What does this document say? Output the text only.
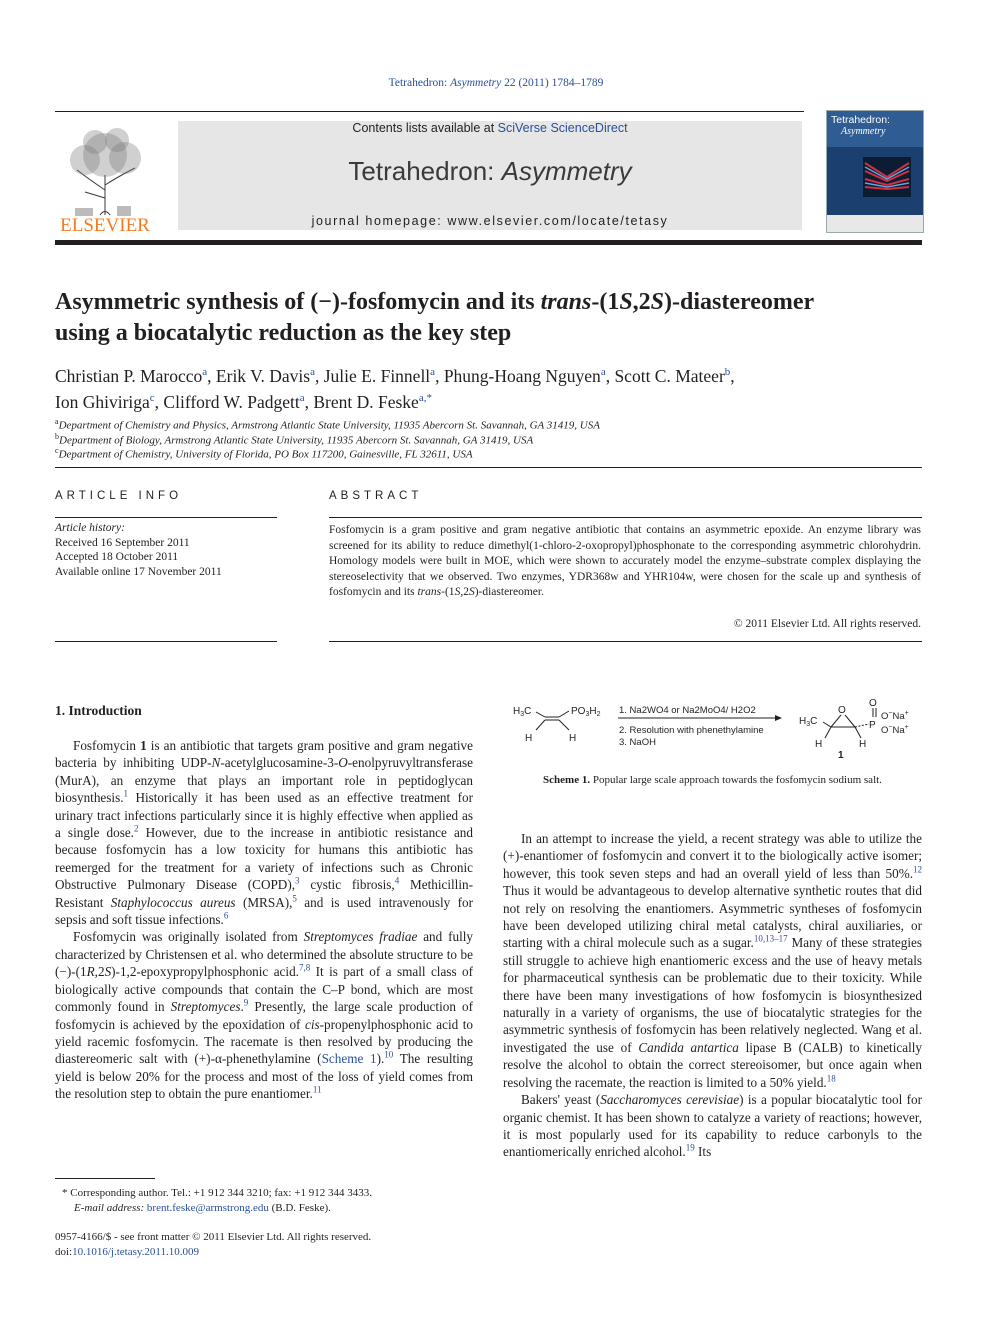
Tetrahedron: Asymmetry 22 (2011) 1784–1789
ELSEVIER
Contents lists available at SciVerse ScienceDirect
Tetrahedron: Asymmetry
journal homepage: www.elsevier.com/locate/tetasy
Tetrahedron:
Asymmetry
Asymmetric synthesis of (−)-fosfomycin and its trans-(1S,2S)-diastereomer
using a biocatalytic reduction as the key step
Christian P. Marocco$^a$, Erik V. Davis$^a$, Julie E. Finnell$^a$, Phung-Hoang Nguyen$^a$, Scott C. Mateer$^b$,
Ion Ghiviriga$^c$, Clifford W. Padgett$^a$, Brent D. Feske$^{a,*}$
$^a$Department of Chemistry and Physics, Armstrong Atlantic State University, 11935 Abercorn St. Savannah, GA 31419, USA
$^b$Department of Biology, Armstrong Atlantic State University, 11935 Abercorn St. Savannah, GA 31419, USA
$^c$Department of Chemistry, University of Florida, PO Box 117200, Gainesville, FL 32611, USA
ARTICLE INFO
Article history:
Received 16 September 2011
Accepted 18 October 2011
Available online 17 November 2011
ABSTRACT
Fosfomycin is a gram positive and gram negative antibiotic that contains an asymmetric epoxide. An enzyme library was screened for its ability to reduce dimethyl(1-chloro-2-oxopropyl)phosphonate to the corresponding asymmetric chlorohydrin. Homology models were built in MOE, which were shown to accurately model the enzyme–substrate complex displaying the stereoselectivity that we observed. Two enzymes, YDR368w and YHR104w, were chosen for the scale up and synthesis of fosfomycin and its trans-(1S,2S)-diastereomer.
© 2011 Elsevier Ltd. All rights reserved.
1. Introduction

Fosfomycin 1 is an antibiotic that targets gram positive and gram negative bacteria by inhibiting UDP-N-acetylglucosamine-3-O-enolpyruvyltransferase (MurA), an enzyme that plays an important role in peptidoglycan biosynthesis.$^1$ Historically it has been used as an effective treatment for urinary tract infections particularly since it is highly effective when applied as a single dose.$^2$ However, due to the increase in antibiotic resistance and because fosfomycin has a low toxicity for humans this antibiotic has reemerged for the treatment for a variety of infections such as Chronic Obstructive Pulmonary Disease (COPD),$^3$ cystic fibrosis,$^4$ Methicillin-Resistant Staphylococcus aureus (MRSA),$^5$ and is used intravenously for sepsis and soft tissue infections.$^6$

Fosfomycin was originally isolated from Streptomyces fradiae and fully characterized by Christensen et al. who determined the absolute structure to be (−)-(1R,2S)-1,2-epoxypropylphosphonic acid.$^{7,8}$ It is part of a small class of biologically active compounds that contain the C–P bond, which are most commonly found in Streptomyces.$^9$ Presently, the large scale production of fosfomycin is achieved by the epoxidation of cis-propenylphosphonic acid to yield racemic fosfomycin. The racemate is then resolved by producing the diastereomeric salt with (+)-α-phenethylamine (Scheme 1).$^{10}$ The resulting yield is below 20% for the process and most of the loss of yield comes from the resolution step to obtain the pure enantiomer.$^{11}$

* Corresponding author. Tel.: +1 912 344 3210; fax: +1 912 344 3433.
E-mail address: brent.feske@armstrong.edu (B.D. Feske).
0957-4166/$ - see front matter © 2011 Elsevier Ltd. All rights reserved.
doi:10.1016/j.tetasy.2011.10.009
$H_3C$	$PO_3H_2$
H	H
1. Na2WO4 or Na2MoO4/ H2O2
2. Resolution with phenethylamine
3. NaOH
$H_3C$
O
P
O
O−Na+
O−Na+
H	H
1
Scheme 1. Popular large scale approach towards the fosfomycin sodium salt.

In an attempt to increase the yield, a recent strategy was able to utilize the (+)-enantiomer of fosfomycin and convert it to the biologically active isomer; however, this took seven steps and had an overall yield of less than 50%.$^{12}$ Thus it would be advantageous to develop alternative synthetic routes that did not rely on resolving the enantiomers. Asymmetric syntheses of fosfomycin have been developed utilizing chiral metal catalysts, chiral auxiliaries, or starting with a chiral molecule such as a sugar.$^{10,13-17}$ Many of these strategies still struggle to achieve high enantiomeric excess and the use of heavy metals for pharmaceutical synthesis can be problematic due to their toxicity. While there have been many investigations of how fosfomycin is biosynthesized naturally in a variety of organisms, the use of biocatalytic strategies for the asymmetric synthesis of fosfomycin has been relatively neglected. Wang et al. investigated the use of Candida antartica lipase B (CALB) to kinetically resolve the alcohol to obtain the correct stereoisomer, but once again when resolving the racemate, the reaction is limited to a 50% yield.$^{18}$

Bakers' yeast (Saccharomyces cerevisiae) is a popular biocatalytic tool for organic chemist. It has been shown to catalyze a variety of reactions; however, it is most popularly used for its capability to reduce carbonyls to the enantiomerically enriched alcohol.$^{19}$ Its
